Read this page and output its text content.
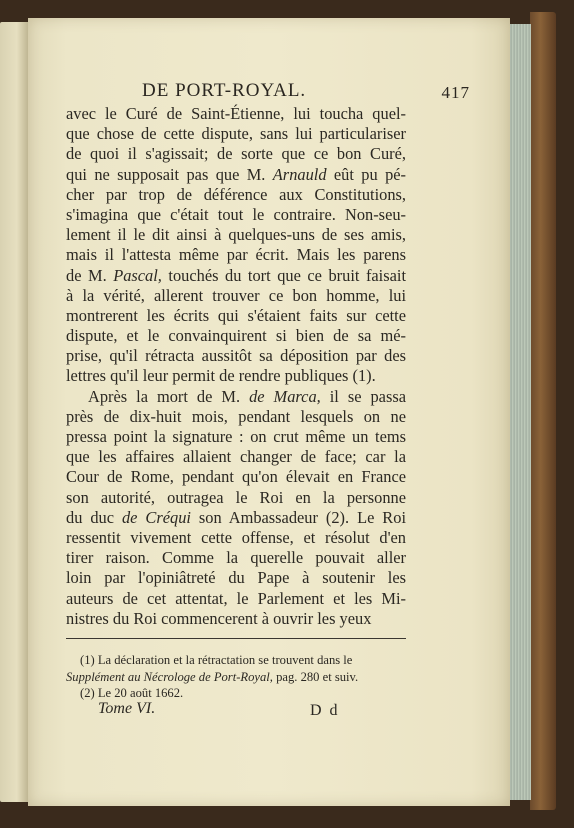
DE PORT-ROYAL.	417
avec le Curé de Saint-Étienne, lui toucha quel-
que chose de cette dispute, sans lui particulariser
de quoi il s'agissait; de sorte que ce bon Curé,
qui ne supposait pas que M. Arnauld eût pu pé-
cher par trop de déférence aux Constitutions,
s'imagina que c'était tout le contraire. Non-seu-
lement il le dit ainsi à quelques-uns de ses amis,
mais il l'attesta même par écrit. Mais les parens
de M. Pascal, touchés du tort que ce bruit faisait
à la vérité, allerent trouver ce bon homme, lui
montrerent les écrits qui s'étaient faits sur cette
dispute, et le convainquirent si bien de sa mé-
prise, qu'il rétracta aussitôt sa déposition par des
lettres qu'il leur permit de rendre publiques (1).
Après la mort de M. de Marca, il se passa
près de dix-huit mois, pendant lesquels on ne
pressa point la signature : on crut même un tems
que les affaires allaient changer de face; car la
Cour de Rome, pendant qu'on élevait en France
son autorité, outragea le Roi en la personne
du duc de Créqui son Ambassadeur (2). Le Roi
ressentit vivement cette offense, et résolut d'en
tirer raison. Comme la querelle pouvait aller
loin par l'opiniâtreté du Pape à soutenir les
auteurs de cet attentat, le Parlement et les Mi-
nistres du Roi commencerent à ouvrir les yeux
(1) La déclaration et la rétractation se trouvent dans le
Supplément au Nécrologe de Port-Royal, pag. 280 et suiv.
(2) Le 20 août 1662.
Tome VI.	D d
